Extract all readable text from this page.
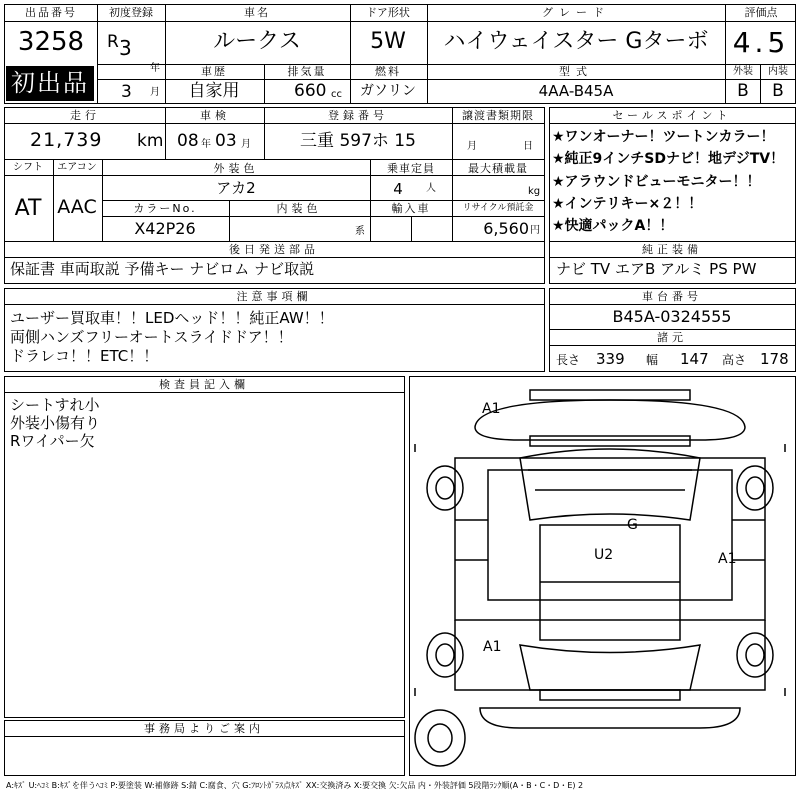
出品番号
3258
初出品
初度登録
R 3
年
3 月
車名
ルークス
ドア形状
5W
グレード
ハイウェイスター Gターボ
評価点
4.5
車歴
自家用
排気量
660 cc
燃料
ガソリン
型式
4AA-B45A
外装 内装
B B
走行
21,739 km
車検
08 年 03 月
登録番号
三重 597ホ 15
譲渡書類期限
月	日
シフト
AT
エアコン
AAC
外装色
アカ2
乗車定員
4 人
最大積載量
kg
カラーNo.
X42P26
内装色
系
輸入車	リサイクル預託金
6,560 円
後日発送部品
保証書 車両取説 予備キー ナビロム ナビ取説
セールスポイント
★ワンオーナー！ツートンカラー！
★純正9インチSDナビ！地デジTV！
★アラウンドビューモニター！！
★インテリキー×２！！
★快適パックA！！
純正装備
ナビ TV エアB アルミ PS PW
注意事項欄
ユーザー買取車！！LEDヘッド！！純正AW！！
両側ハンズフリーオートスライドドア！！
ドラレコ！！ETC！！
車台番号
B45A-0324555
諸元
長さ 339 幅 147 高さ 178
検査員記入欄
シートすれ小
外装小傷有り
Rワイパー欠
事務局よりご案内
A1
G
U2	A1
A1
A:ｷｽﾞ U:ﾍｺﾐ B:ｷｽﾞを伴うﾍｺﾐ P:要塗装 W:補修跡 S:錆 C:腐食、穴 G:ﾌﾛﾝﾄｶﾞﾗｽ点ｷｽﾞ XX:交換済み X:要交換 欠:欠品 内・外装評価 5段階ﾗﾝｸ順(A・B・C・D・E) 2
